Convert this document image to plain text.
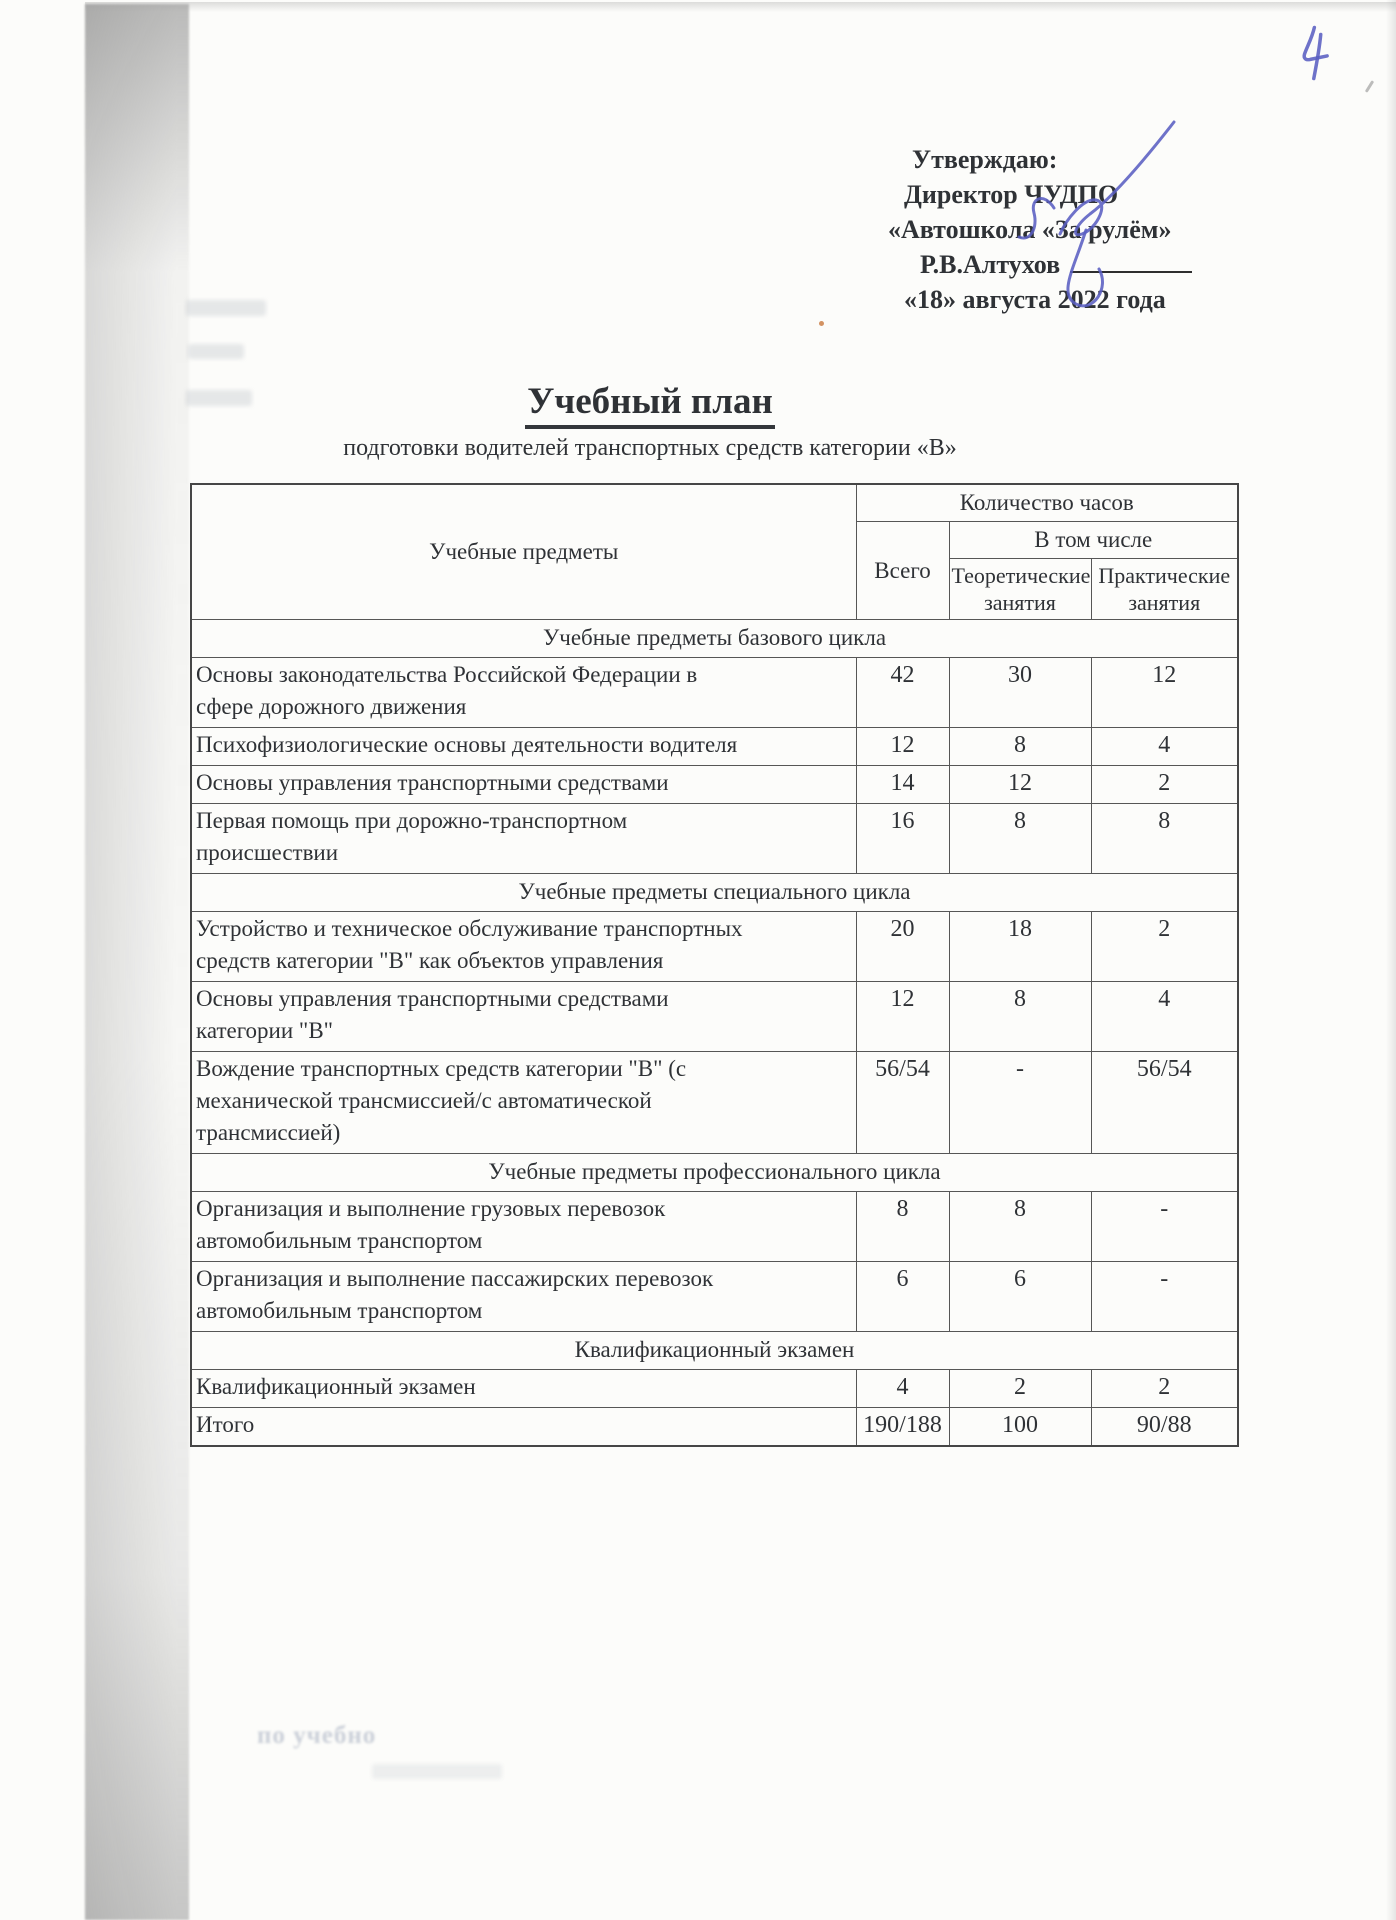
по учебно
Утверждаю:
Директор ЧУДПО
«Автошкола «За рулём»
Р.В.Алтухов
«18» августа 2022 года
Учебный план
подготовки водителей транспортных средств категории «В»
Учебные предметы	Количество часов		
	Всего	В том числе	
		Теоретические занятия	Практические занятия
Учебные предметы базового цикла			
Основы законодательства Российской Федерации в сфере дорожного движения	42	30	12
Психофизиологические основы деятельности водителя	12	8	4
Основы управления транспортными средствами	14	12	2
Первая помощь при дорожно-транспортном происшествии	16	8	8
Учебные предметы специального цикла			
Устройство и техническое обслуживание транспортных средств категории "В" как объектов управления	20	18	2
Основы управления транспортными средствами категории "В"	12	8	4
Вождение транспортных средств категории "В" (с механической трансмиссией/с автоматической трансмиссией)	56/54	-	56/54
Учебные предметы профессионального цикла			
Организация и выполнение грузовых перевозок автомобильным транспортом	8	8	-
Организация и выполнение пассажирских перевозок автомобильным транспортом	6	6	-
Квалификационный экзамен			
Квалификационный экзамен	4	2	2
Итого	190/188	100	90/88
